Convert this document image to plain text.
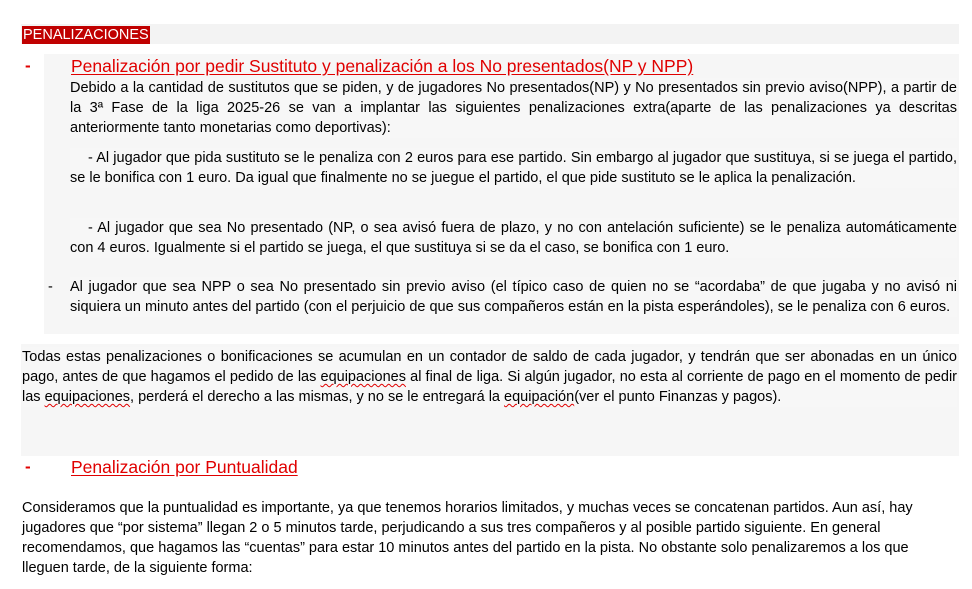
PENALIZACIONES
- Penalización por pedir Sustituto y penalización a los No presentados(NP y NPP)

Debido a la cantidad de sustitutos que se piden, y de jugadores No presentados(NP) y No presentados sin previo aviso(NPP), a partir de la 3ª Fase de la liga 2025-26 se van a implantar las siguientes penalizaciones extra(aparte de las penalizaciones ya descritas anteriormente tanto monetarias como deportivas):

- Al jugador que pida sustituto se le penaliza con 2 euros para ese partido. Sin embargo al jugador que sustituya, si se juega el partido, se le bonifica con 1 euro. Da igual que finalmente no se juegue el partido, el que pide sustituto se le aplica la penalización.

- Al jugador que sea No presentado (NP, o sea avisó fuera de plazo, y no con antelación suficiente) se le penaliza automáticamente con 4 euros. Igualmente si el partido se juega, el que sustituya si se da el caso, se bonifica con 1 euro.

- Al jugador que sea NPP o sea No presentado sin previo aviso (el típico caso de quien no se “acordaba” de que jugaba y no avisó ni siquiera un minuto antes del partido (con el perjuicio de que sus compañeros están en la pista esperándoles), se le penaliza con 6 euros.

Todas estas penalizaciones o bonificaciones se acumulan en un contador de saldo de cada jugador, y tendrán que ser abonadas en un único pago, antes de que hagamos el pedido de las equipaciones al final de liga. Si algún jugador, no esta al corriente de pago en el momento de pedir las equipaciones, perderá el derecho a las mismas, y no se le entregará la equipación(ver el punto Finanzas y pagos).

- Penalización por Puntualidad

Consideramos que la puntualidad es importante, ya que tenemos horarios limitados, y muchas veces se concatenan partidos. Aun así, hay jugadores que “por sistema” llegan 2 o 5 minutos tarde, perjudicando a sus tres compañeros y al posible partido siguiente. En general recomendamos, que hagamos las “cuentas” para estar 10 minutos antes del partido en la pista. No obstante solo penalizaremos a los que lleguen tarde, de la siguiente forma:
